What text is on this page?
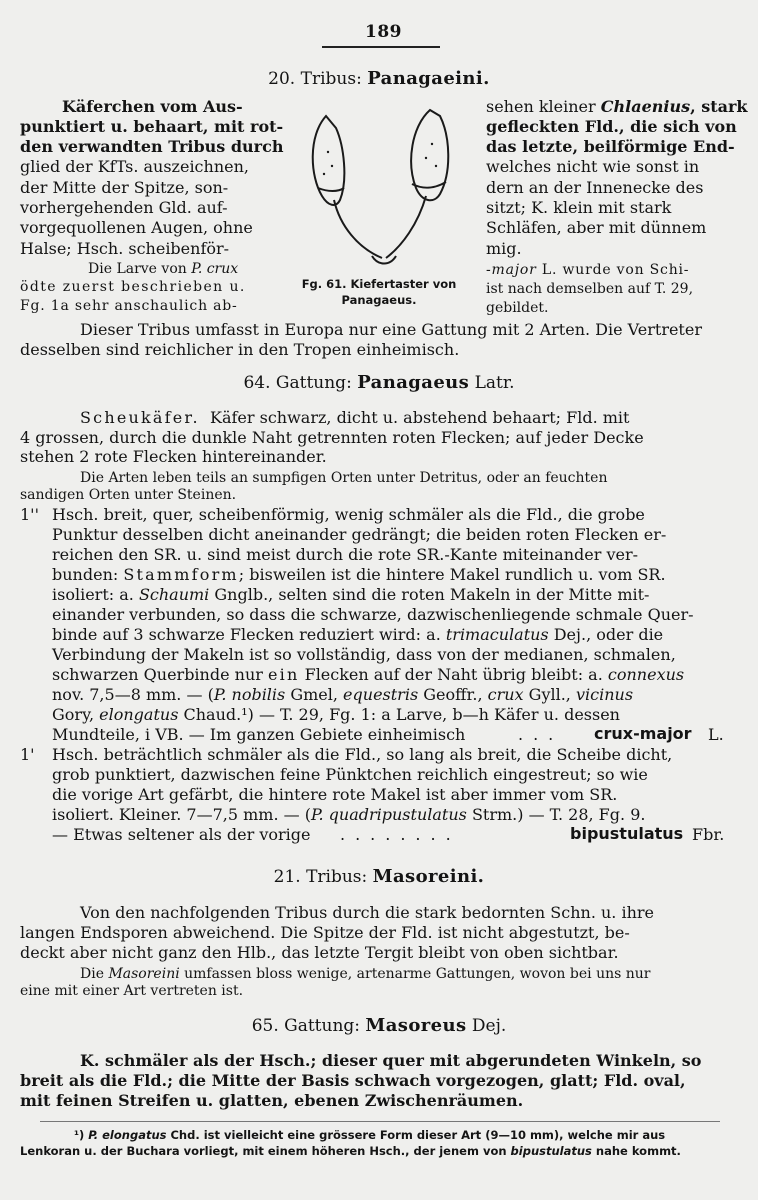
189
20. Tribus: Panagaeini.
Käferchen vom Aus-
punktiert u. behaart, mit rot-
den verwandten Tribus durch
glied der KfTs. auszeichnen,
der Mitte der Spitze, son-
vorhergehenden Gld. auf-
vorgequollenen Augen, ohne
Halse; Hsch. scheibenför-
Die Larve von P. crux
ödte zuerst beschrieben u.
Fg. 1a sehr anschaulich ab-
Fg. 61. Kiefertaster von
Panagaeus.
sehen kleiner Chlaenius, stark
gefleckten Fld., die sich von
das letzte, beilförmige End-
welches nicht wie sonst in
dern an der Innenecke des
sitzt; K. klein mit stark
Schläfen, aber mit dünnem
mig.
-major L. wurde von Schi-
ist nach demselben auf T. 29,
gebildet.
Dieser Tribus umfasst in Europa nur eine Gattung mit 2 Arten. Die Vertreter
desselben sind reichlicher in den Tropen einheimisch.
64. Gattung: Panagaeus Latr.
Scheukäfer. Käfer schwarz, dicht u. abstehend behaart; Fld. mit
4 grossen, durch die dunkle Naht getrennten roten Flecken; auf jeder Decke
stehen 2 rote Flecken hintereinander.
Die Arten leben teils an sumpfigen Orten unter Detritus, oder an feuchten
sandigen Orten unter Steinen.
1'' Hsch. breit, quer, scheibenförmig, wenig schmäler als die Fld., die grobe
Punktur desselben dicht aneinander gedrängt; die beiden roten Flecken er-
reichen den SR. u. sind meist durch die rote SR.-Kante miteinander ver-
bunden: Stammform; bisweilen ist die hintere Makel rundlich u. vom SR.
isoliert: a. Schaumi Gnglb., selten sind die roten Makeln in der Mitte mit-
einander verbunden, so dass die schwarze, dazwischenliegende schmale Quer-
binde auf 3 schwarze Flecken reduziert wird: a. trimaculatus Dej., oder die
Verbindung der Makeln ist so vollständig, dass von der medianen, schmalen,
schwarzen Querbinde nur ein Flecken auf der Naht übrig bleibt: a. connexus
nov. 7,5—8 mm. — (P. nobilis Gmel, equestris Geoffr., crux Gyll., vicinus
Gory, elongatus Chaud.¹) — T. 29, Fg. 1: a Larve, b—h Käfer u. dessen
Mundteile, i VB. — Im ganzen Gebiete einheimisch	... crux-major L.
1' Hsch. beträchtlich schmäler als die Fld., so lang als breit, die Scheibe dicht,
grob punktiert, dazwischen feine Pünktchen reichlich eingestreut; so wie
die vorige Art gefärbt, die hintere rote Makel ist aber immer vom SR.
isoliert. Kleiner. 7—7,5 mm. — (P. quadripustulatus Strm.) — T. 28, Fg. 9.
— Etwas seltener als der vorige ........	bipustulatus Fbr.
21. Tribus: Masoreini.
Von den nachfolgenden Tribus durch die stark bedornten Schn. u. ihre
langen Endsporen abweichend. Die Spitze der Fld. ist nicht abgestutzt, be-
deckt aber nicht ganz den Hlb., das letzte Tergit bleibt von oben sichtbar.
Die Masoreini umfassen bloss wenige, artenarme Gattungen, wovon bei uns nur
eine mit einer Art vertreten ist.
65. Gattung: Masoreus Dej.
K. schmäler als der Hsch.; dieser quer mit abgerundeten Winkeln, so
breit als die Fld.; die Mitte der Basis schwach vorgezogen, glatt; Fld. oval,
mit feinen Streifen u. glatten, ebenen Zwischenräumen.
¹) P. elongatus Chd. ist vielleicht eine grössere Form dieser Art (9—10 mm), welche mir aus
Lenkoran u. der Buchara vorliegt, mit einem höheren Hsch., der jenem von bipustulatus nahe kommt.
